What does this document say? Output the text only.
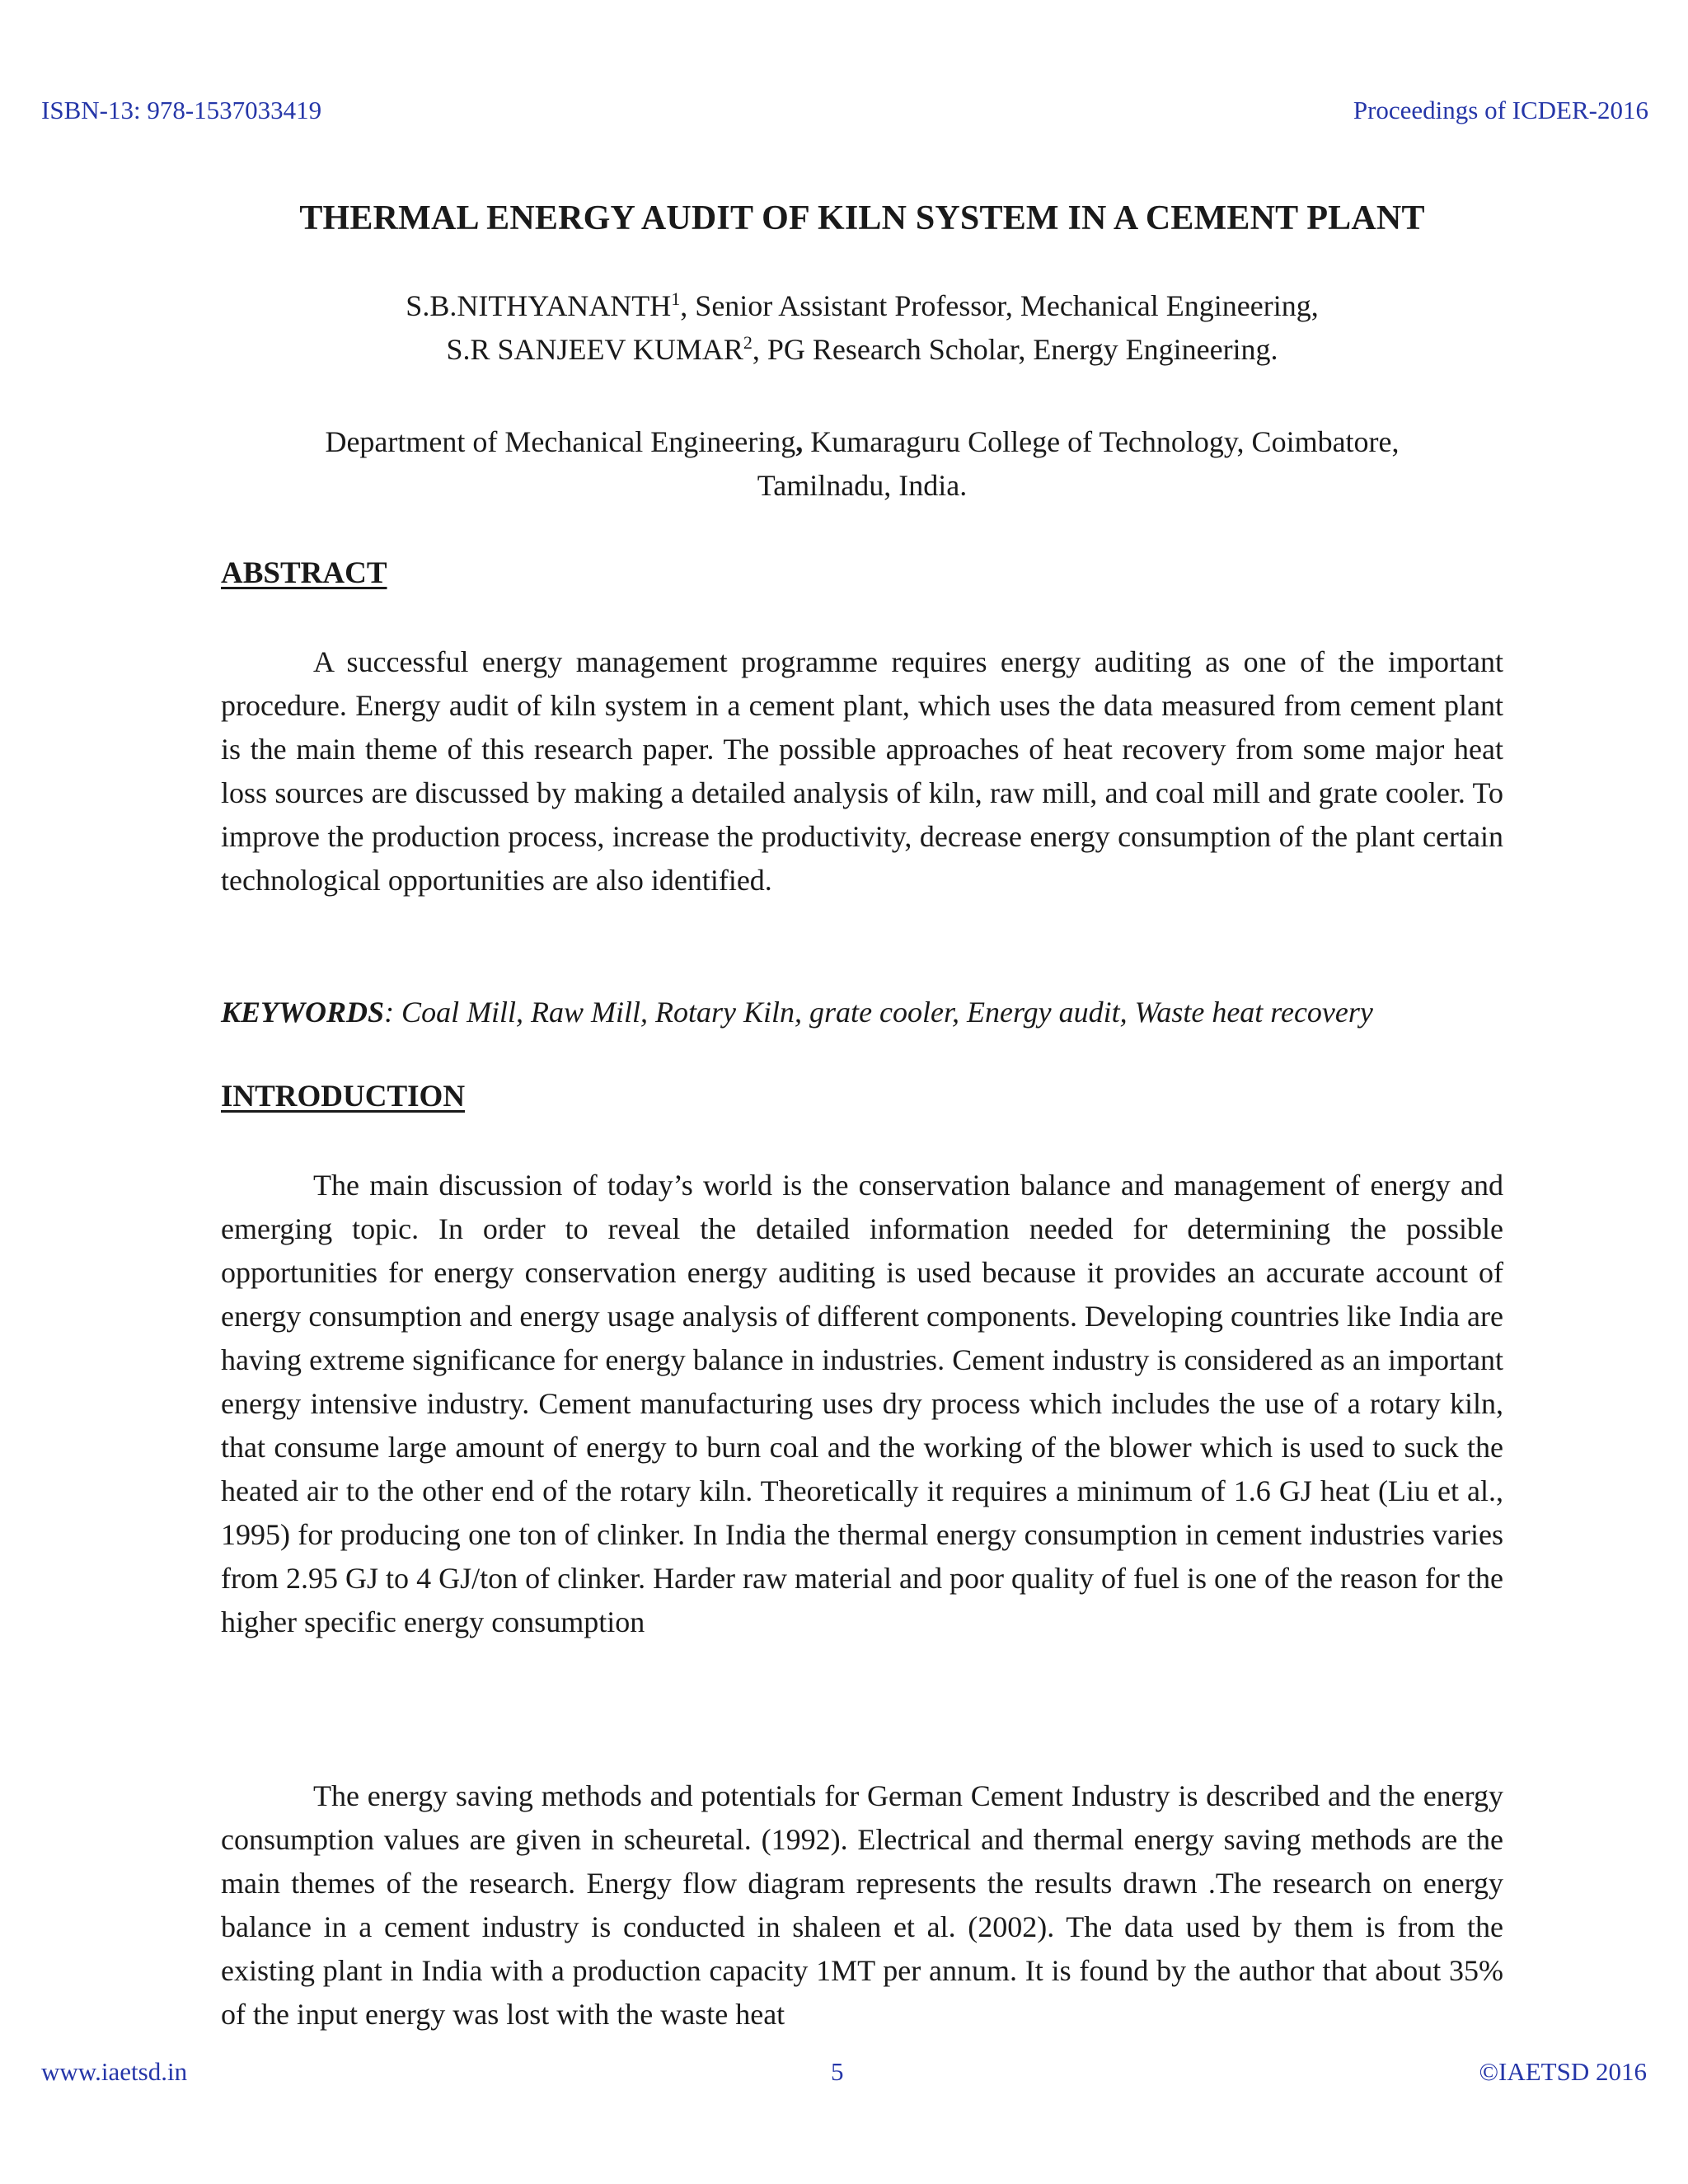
ISBN-13: 978-1537033419	Proceedings of ICDER-2016
THERMAL ENERGY AUDIT OF KILN SYSTEM IN A CEMENT PLANT
S.B.NITHYANANTH$^1$, Senior Assistant Professor, Mechanical Engineering,
S.R SANJEEV KUMAR$^2$, PG Research Scholar, Energy Engineering.
Department of Mechanical Engineering, Kumaraguru College of Technology, Coimbatore,
Tamilnadu, India.
ABSTRACT

A successful energy management programme requires energy auditing as one of the important procedure. Energy audit of kiln system in a cement plant, which uses the data measured from cement plant is the main theme of this research paper. The possible approaches of heat recovery from some major heat loss sources are discussed by making a detailed analysis of kiln, raw mill, and coal mill and grate cooler. To improve the production process, increase the productivity, decrease energy consumption of the plant certain technological opportunities are also identified.

KEYWORDS: Coal Mill, Raw Mill, Rotary Kiln, grate cooler, Energy audit, Waste heat recovery
INTRODUCTION

The main discussion of today’s world is the conservation balance and management of energy and emerging topic. In order to reveal the detailed information needed for determining the possible opportunities for energy conservation energy auditing is used because it provides an accurate account of energy consumption and energy usage analysis of different components. Developing countries like India are having extreme significance for energy balance in industries. Cement industry is considered as an important energy intensive industry. Cement manufacturing uses dry process which includes the use of a rotary kiln, that consume large amount of energy to burn coal and the working of the blower which is used to suck the heated air to the other end of the rotary kiln. Theoretically it requires a minimum of 1.6 GJ heat (Liu et al., 1995) for producing one ton of clinker. In India the thermal energy consumption in cement industries varies from 2.95 GJ to 4 GJ/ton of clinker. Harder raw material and poor quality of fuel is one of the reason for the higher specific energy consumption

The energy saving methods and potentials for German Cement Industry is described and the energy consumption values are given in scheuretal. (1992). Electrical and thermal energy saving methods are the main themes of the research. Energy flow diagram represents the results drawn .The research on energy balance in a cement industry is conducted in shaleen et al. (2002). The data used by them is from the existing plant in India with a production capacity 1MT per annum. It is found by the author that about 35% of the input energy was lost with the waste heat

www.iaetsd.in	5	©IAETSD 2016
